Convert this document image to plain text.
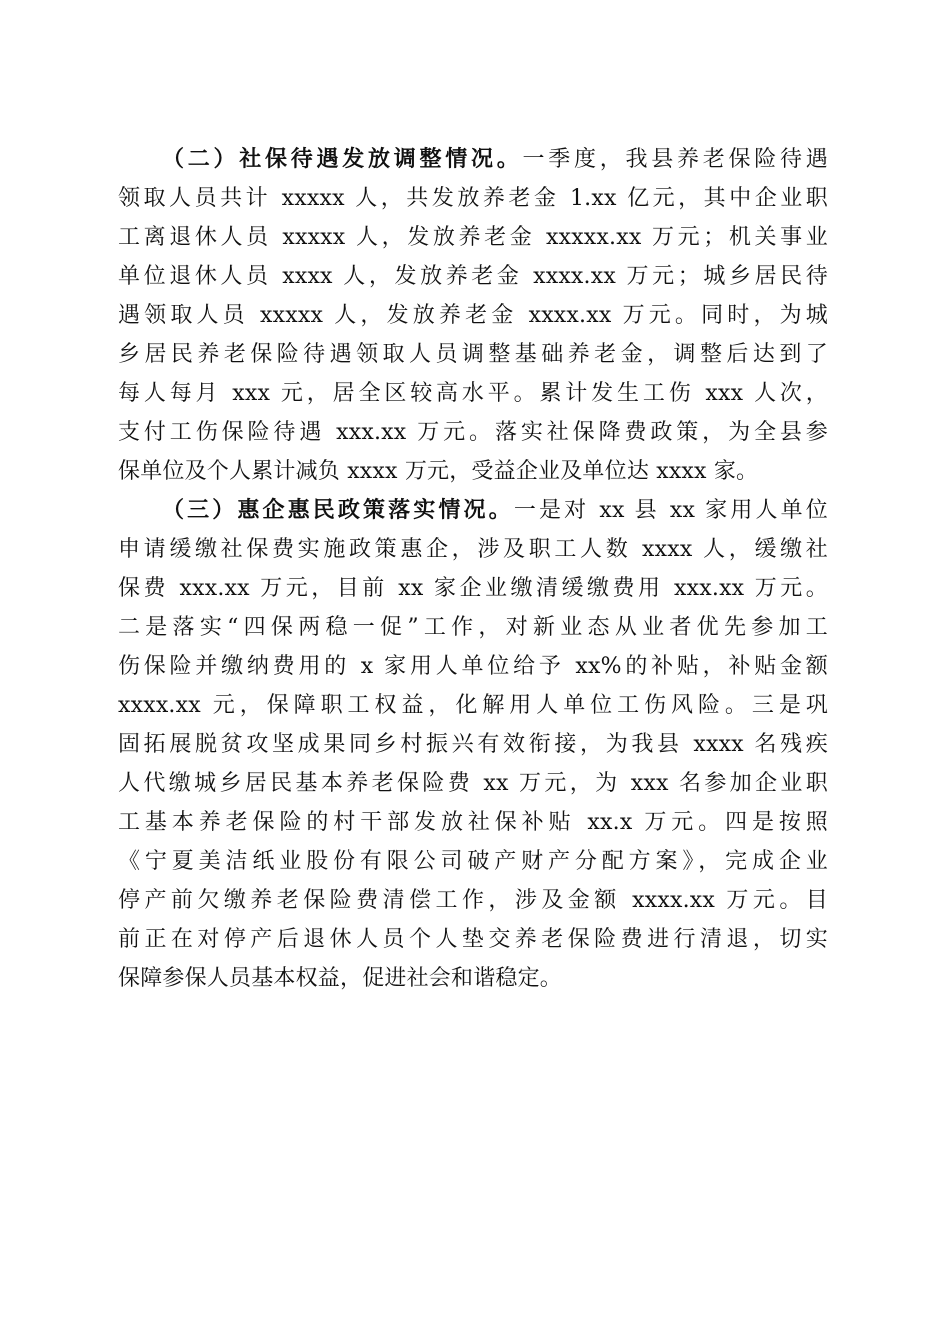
（二）社保待遇发放调整情况。一季度，我县养老保险待遇
领取人员共计 xxxxx 人，共发放养老金 1.xx 亿元，其中企业职
工离退休人员 xxxxx 人，发放养老金 xxxxx.xx 万元；机关事业
单位退休人员 xxxx 人，发放养老金 xxxx.xx 万元；城乡居民待
遇领取人员 xxxxx 人，发放养老金 xxxx.xx 万元。同时，为城
乡居民养老保险待遇领取人员调整基础养老金，调整后达到了
每人每月 xxx 元，居全区较高水平。累计发生工伤 xxx 人次，
支付工伤保险待遇 xxx.xx 万元。落实社保降费政策，为全县参
保单位及个人累计减负 xxxx 万元，受益企业及单位达 xxxx 家。
（三）惠企惠民政策落实情况。一是对 xx 县 xx 家用人单位
申请缓缴社保费实施政策惠企，涉及职工人数 xxxx 人，缓缴社
保费 xxx.xx 万元，目前 xx 家企业缴清缓缴费用 xxx.xx 万元。
二是落实“四保两稳一促”工作，对新业态从业者优先参加工
伤保险并缴纳费用的 x 家用人单位给予 xx%的补贴，补贴金额
xxxx.xx 元，保障职工权益，化解用人单位工伤风险。三是巩
固拓展脱贫攻坚成果同乡村振兴有效衔接，为我县 xxxx 名残疾
人代缴城乡居民基本养老保险费 xx 万元，为 xxx 名参加企业职
工基本养老保险的村干部发放社保补贴 xx.x 万元。四是按照
《宁夏美洁纸业股份有限公司破产财产分配方案》，完成企业
停产前欠缴养老保险费清偿工作，涉及金额 xxxx.xx 万元。目
前正在对停产后退休人员个人垫交养老保险费进行清退，切实
保障参保人员基本权益，促进社会和谐稳定。
